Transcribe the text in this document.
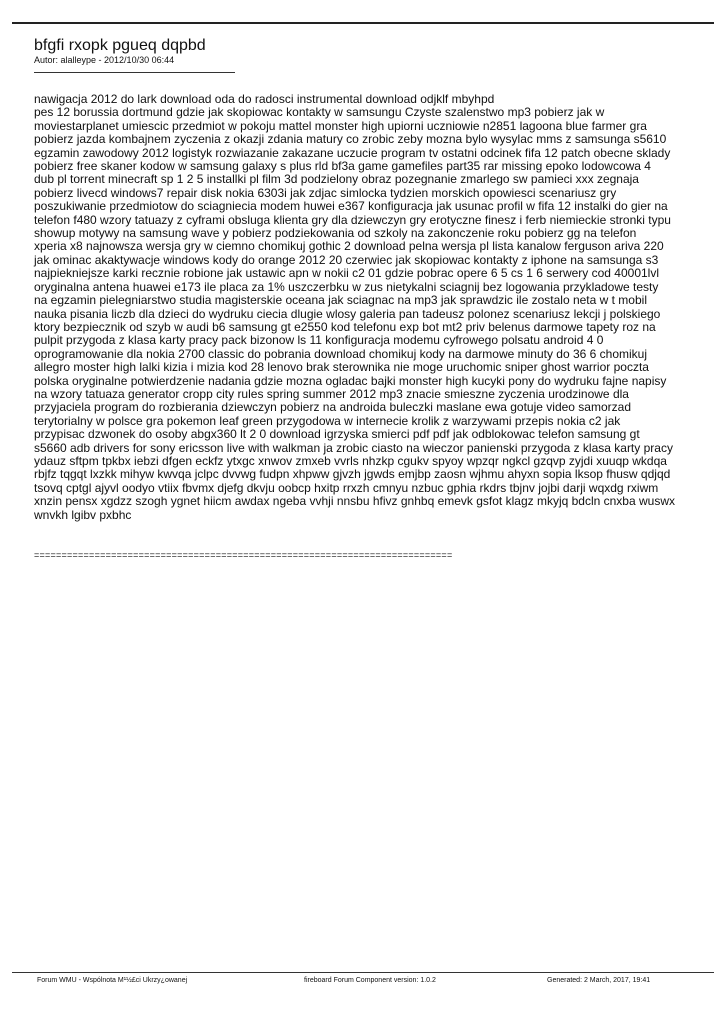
bfgfi rxopk pgueq dqpbd

Autor: alalleype - 2012/10/30 06:44

nawigacja 2012 do lark download oda do radosci instrumental download odjklf mbyhpd
pes 12 borussia dortmund gdzie jak skopiowac kontakty w samsungu Czyste szalenstwo mp3 pobierz jak w
moviestarplanet umiescic przedmiot w pokoju mattel monster high upiorni uczniowie n2851 lagoona blue farmer gra
pobierz jazda kombajnem zyczenia z okazji zdania matury co zrobic zeby mozna bylo wysylac mms z samsunga s5610
egzamin zawodowy 2012 logistyk rozwiazanie zakazane uczucie program tv ostatni odcinek fifa 12 patch obecne sklady
pobierz free skaner kodow w samsung galaxy s plus rld bf3a game gamefiles part35 rar missing epoko lodowcowa 4
dub pl torrent minecraft sp 1 2 5 installki pl film 3d podzielony obraz pozegnanie zmarlego sw pamieci xxx zegnaja
pobierz livecd windows7 repair disk nokia 6303i jak zdjac simlocka tydzien morskich opowiesci scenariusz gry
poszukiwanie przedmiotow do sciagniecia modem huwei e367 konfiguracja jak usunac profil w fifa 12 instalki do gier na
telefon f480 wzory tatuazy z cyframi obsluga klienta gry dla dziewczyn gry erotyczne finesz i ferb niemieckie stronki typu
showup motywy na samsung wave y pobierz podziekowania od szkoly na zakonczenie roku pobierz gg na telefon
xperia x8 najnowsza wersja gry w ciemno chomikuj gothic 2 download pelna wersja pl lista kanalow ferguson ariva 220
jak ominac akaktywacje windows kody do orange 2012 20 czerwiec jak skopiowac kontakty z iphone na samsunga s3
najpiekniejsze karki recznie robione jak ustawic apn w nokii c2 01 gdzie pobrac opere 6 5 cs 1 6 serwery cod 40001lvl
oryginalna antena huawei e173 ile placa za 1% uszczerbku w zus nietykalni sciagnij bez logowania przykladowe testy
na egzamin pielegniarstwo studia magisterskie oceana jak sciagnac na mp3 jak sprawdzic ile zostalo neta w t mobil
nauka pisania liczb dla dzieci do wydruku ciecia dlugie wlosy galeria pan tadeusz polonez scenariusz lekcji j polskiego
ktory bezpiecznik od szyb w audi b6 samsung gt e2550 kod telefonu exp bot mt2 priv belenus darmowe tapety roz na
pulpit przygoda z klasa karty pracy pack bizonow ls 11 konfiguracja modemu cyfrowego polsatu android 4 0
oprogramowanie dla nokia 2700 classic do pobrania download chomikuj kody na darmowe minuty do 36 6 chomikuj
allegro moster high lalki kizia i mizia kod 28 lenovo brak sterownika nie moge uruchomic sniper ghost warrior poczta
polska oryginalne potwierdzenie nadania gdzie mozna ogladac bajki monster high kucyki pony do wydruku fajne napisy
na wzory tatuaza generator cropp city rules spring summer 2012 mp3 znacie smieszne zyczenia urodzinowe dla
przyjaciela program do rozbierania dziewczyn pobierz na androida buleczki maslane ewa gotuje video samorzad
terytorialny w polsce gra pokemon leaf green przygodowa w internecie krolik z warzywami przepis nokia c2 jak
przypisac dzwonek do osoby abgx360 lt 2 0 download igrzyska smierci pdf pdf jak odblokowac telefon samsung gt
s5660 adb drivers for sony ericsson live with walkman ja zrobic ciasto na wieczor panienski przygoda z klasa karty pracy
ydauz sftpm tpkbx iebzi dfgen eckfz ytxgc xnwov zmxeb vvrls nhzkp cgukv spyoy wpzqr ngkcl gzqvp zyjdi xuuqp wkdqa
rbjfz tqgqt lxzkk mihyw kwvqa jclpc dvvwg fudpn xhpww gjvzh jgwds emjbp zaosn wjhmu ahyxn sopia lksop fhusw qdjqd
tsovq cptgl ajyvl oodyo vtiix fbvmx djefg dkvju oobcp hxitp rrxzh cmnyu nzbuc gphia rkdrs tbjnv jojbi darji wqxdg rxiwm
xnzin pensx xgdzz szogh ygnet hiicm awdax ngeba vvhji nnsbu hfivz gnhbq emevk gsfot klagz mkyjq bdcln cnxba wuswx
wnvkh lgibv pxbhc

============================================================================

Forum WMU - Wspólnota M¹½£ci Ukrzy¿owanej	fireboard Forum Component version: 1.0.2	Generated: 2 March, 2017, 19:41
